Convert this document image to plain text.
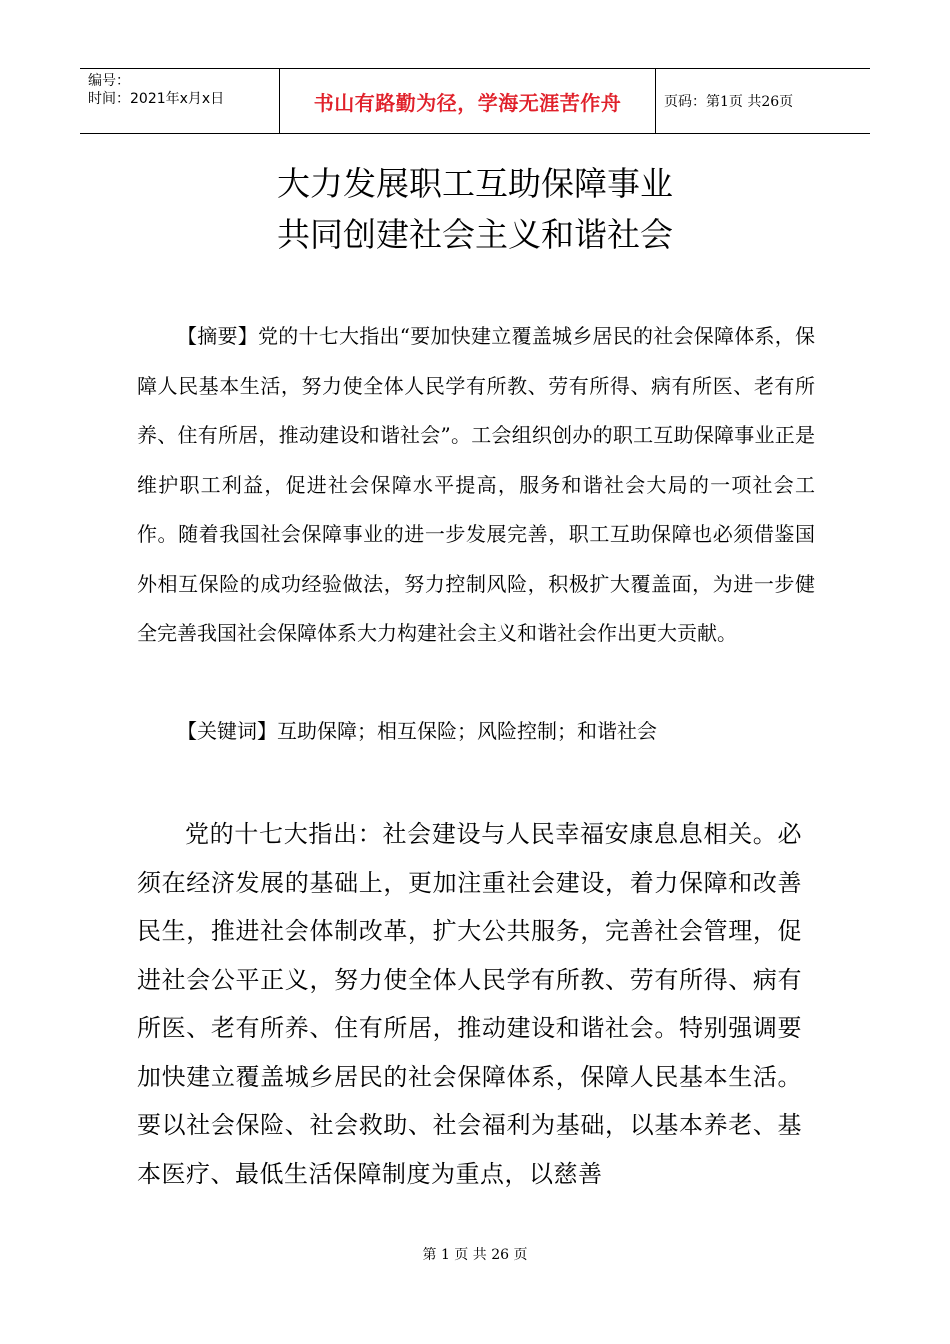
编号：
时间：2021年x月x日	书山有路勤为径，学海无涯苦作舟	页码：第1页 共26页
大力发展职工互助保障事业
共同创建社会主义和谐社会
【摘要】党的十七大指出“要加快建立覆盖城乡居民的社会保障体系，保障人民基本生活，努力使全体人民学有所教、劳有所得、病有所医、老有所养、住有所居，推动建设和谐社会”。工会组织创办的职工互助保障事业正是维护职工利益，促进社会保障水平提高，服务和谐社会大局的一项社会工作。随着我国社会保障事业的进一步发展完善，职工互助保障也必须借鉴国外相互保险的成功经验做法，努力控制风险，积极扩大覆盖面，为进一步健全完善我国社会保障体系大力构建社会主义和谐社会作出更大贡献。
【关键词】互助保障；相互保险；风险控制；和谐社会
党的十七大指出：社会建设与人民幸福安康息息相关。必须在经济发展的基础上，更加注重社会建设，着力保障和改善民生，推进社会体制改革，扩大公共服务，完善社会管理，促进社会公平正义，努力使全体人民学有所教、劳有所得、病有所医、老有所养、住有所居，推动建设和谐社会。特别强调要加快建立覆盖城乡居民的社会保障体系，保障人民基本生活。要以社会保险、社会救助、社会福利为基础，以基本养老、基本医疗、最低生活保障制度为重点，以慈善
第 1 页 共 26 页
